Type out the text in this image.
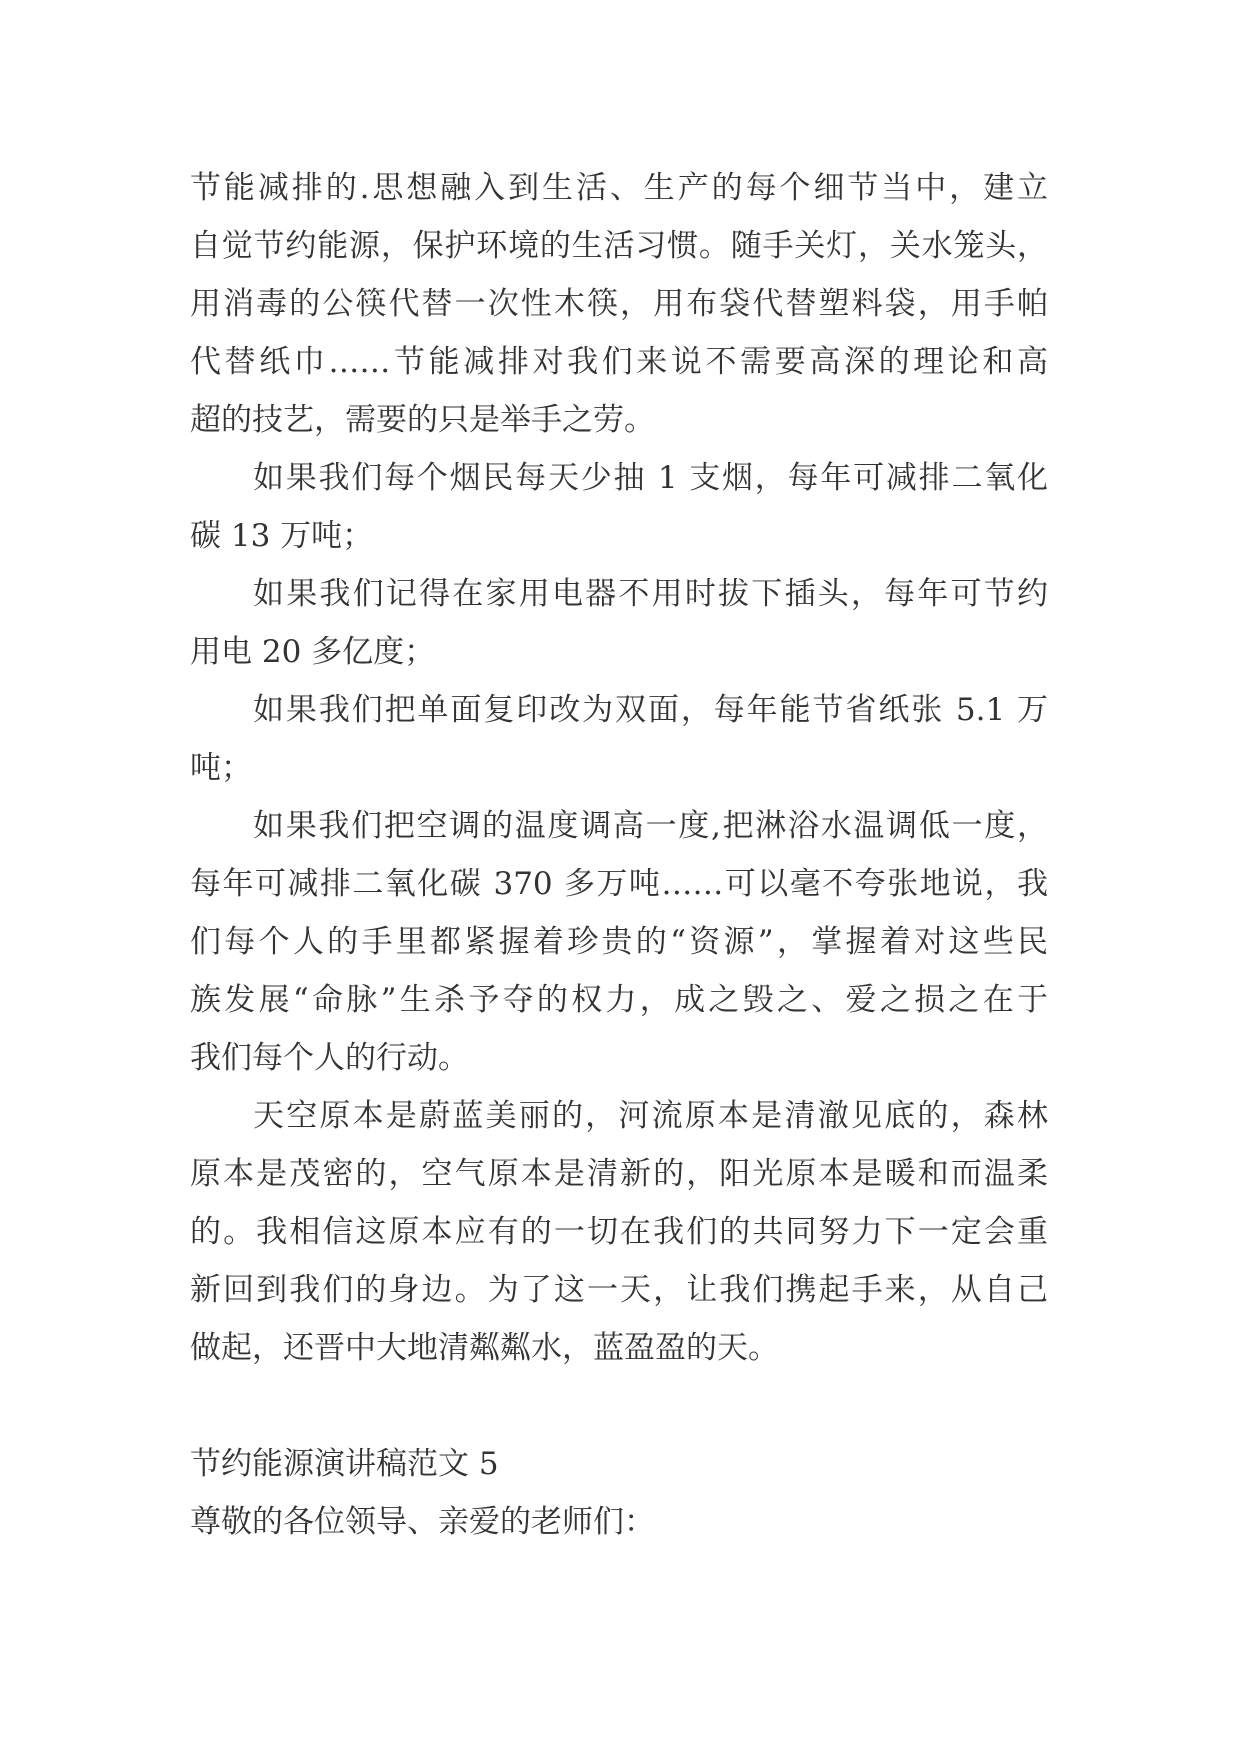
节能减排的.思想融入到生活、生产的每个细节当中，建立

自觉节约能源，保护环境的生活习惯。随手关灯，关水笼头，

用消毒的公筷代替一次性木筷，用布袋代替塑料袋，用手帕

代替纸巾……节能减排对我们来说不需要高深的理论和高

超的技艺，需要的只是举手之劳。

如果我们每个烟民每天少抽 1 支烟，每年可减排二氧化

碳 13 万吨；

如果我们记得在家用电器不用时拔下插头，每年可节约

用电 20 多亿度；

如果我们把单面复印改为双面，每年能节省纸张 5.1 万

吨；

如果我们把空调的温度调高一度,把淋浴水温调低一度，

每年可减排二氧化碳 370 多万吨……可以毫不夸张地说，我

们每个人的手里都紧握着珍贵的“资源”，掌握着对这些民

族发展“命脉”生杀予夺的权力，成之毁之、爱之损之在于

我们每个人的行动。

天空原本是蔚蓝美丽的，河流原本是清澈见底的，森林

原本是茂密的，空气原本是清新的，阳光原本是暖和而温柔

的。我相信这原本应有的一切在我们的共同努力下一定会重

新回到我们的身边。为了这一天，让我们携起手来，从自己

做起，还晋中大地清粼粼水，蓝盈盈的天。

节约能源演讲稿范文 5

尊敬的各位领导、亲爱的老师们：
